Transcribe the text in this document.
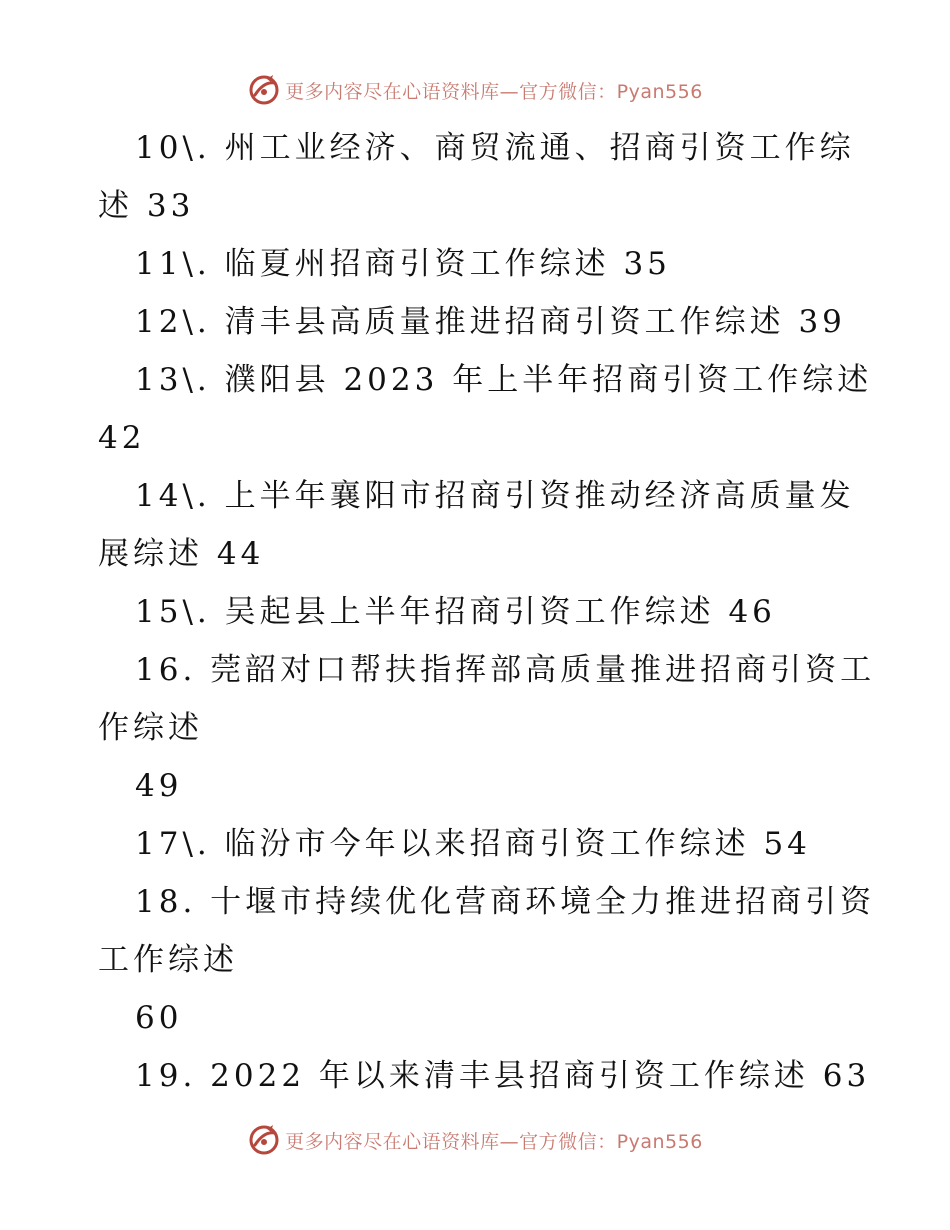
更多内容尽在心语资料库—官方微信：Pyan556
10\. 州工业经济、商贸流通、招商引资工作综
述 33
11\. 临夏州招商引资工作综述 35
12\. 清丰县高质量推进招商引资工作综述 39
13\. 濮阳县 2023 年上半年招商引资工作综述
42
14\. 上半年襄阳市招商引资推动经济高质量发
展综述 44
15\. 吴起县上半年招商引资工作综述 46
16. 莞韶对口帮扶指挥部高质量推进招商引资工
作综述
49
17\. 临汾市今年以来招商引资工作综述 54
18. 十堰市持续优化营商环境全力推进招商引资
工作综述
60
19. 2022 年以来清丰县招商引资工作综述 63
更多内容尽在心语资料库—官方微信：Pyan556
